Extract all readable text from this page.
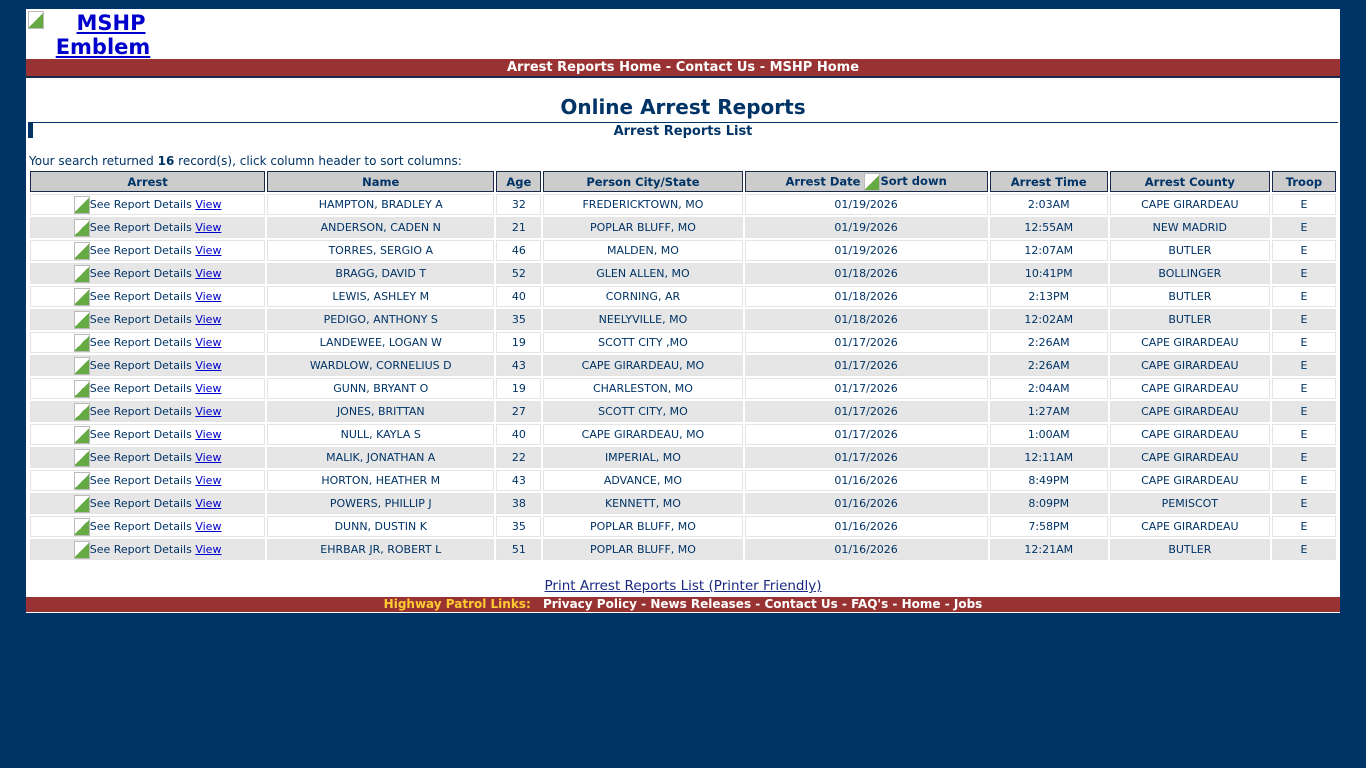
MSHP Emblem
Arrest Reports Home - Contact Us - MSHP Home
Online Arrest Reports
Arrest Reports List
Your search returned 16 record(s), click column header to sort columns:
Arrest	Name	Age	Person City/State	Arrest Date Sort down	Arrest Time	Arrest County	Troop
See Report Details View	HAMPTON, BRADLEY A	32	FREDERICKTOWN, MO	01/19/2026	2:03AM	CAPE GIRARDEAU	E
See Report Details View	ANDERSON, CADEN N	21	POPLAR BLUFF, MO	01/19/2026	12:55AM	NEW MADRID	E
See Report Details View	TORRES, SERGIO A	46	MALDEN, MO	01/19/2026	12:07AM	BUTLER	E
See Report Details View	BRAGG, DAVID T	52	GLEN ALLEN, MO	01/18/2026	10:41PM	BOLLINGER	E
See Report Details View	LEWIS, ASHLEY M	40	CORNING, AR	01/18/2026	2:13PM	BUTLER	E
See Report Details View	PEDIGO, ANTHONY S	35	NEELYVILLE, MO	01/18/2026	12:02AM	BUTLER	E
See Report Details View	LANDEWEE, LOGAN W	19	SCOTT CITY ,MO	01/17/2026	2:26AM	CAPE GIRARDEAU	E
See Report Details View	WARDLOW, CORNELIUS D	43	CAPE GIRARDEAU, MO	01/17/2026	2:26AM	CAPE GIRARDEAU	E
See Report Details View	GUNN, BRYANT O	19	CHARLESTON, MO	01/17/2026	2:04AM	CAPE GIRARDEAU	E
See Report Details View	JONES, BRITTAN	27	SCOTT CITY, MO	01/17/2026	1:27AM	CAPE GIRARDEAU	E
See Report Details View	NULL, KAYLA S	40	CAPE GIRARDEAU, MO	01/17/2026	1:00AM	CAPE GIRARDEAU	E
See Report Details View	MALIK, JONATHAN A	22	IMPERIAL, MO	01/17/2026	12:11AM	CAPE GIRARDEAU	E
See Report Details View	HORTON, HEATHER M	43	ADVANCE, MO	01/16/2026	8:49PM	CAPE GIRARDEAU	E
See Report Details View	POWERS, PHILLIP J	38	KENNETT, MO	01/16/2026	8:09PM	PEMISCOT	E
See Report Details View	DUNN, DUSTIN K	35	POPLAR BLUFF, MO	01/16/2026	7:58PM	CAPE GIRARDEAU	E
See Report Details View	EHRBAR JR, ROBERT L	51	POPLAR BLUFF, MO	01/16/2026	12:21AM	BUTLER	E
Print Arrest Reports List (Printer Friendly)
Highway Patrol Links: Privacy Policy - News Releases - Contact Us - FAQ's - Home - Jobs
